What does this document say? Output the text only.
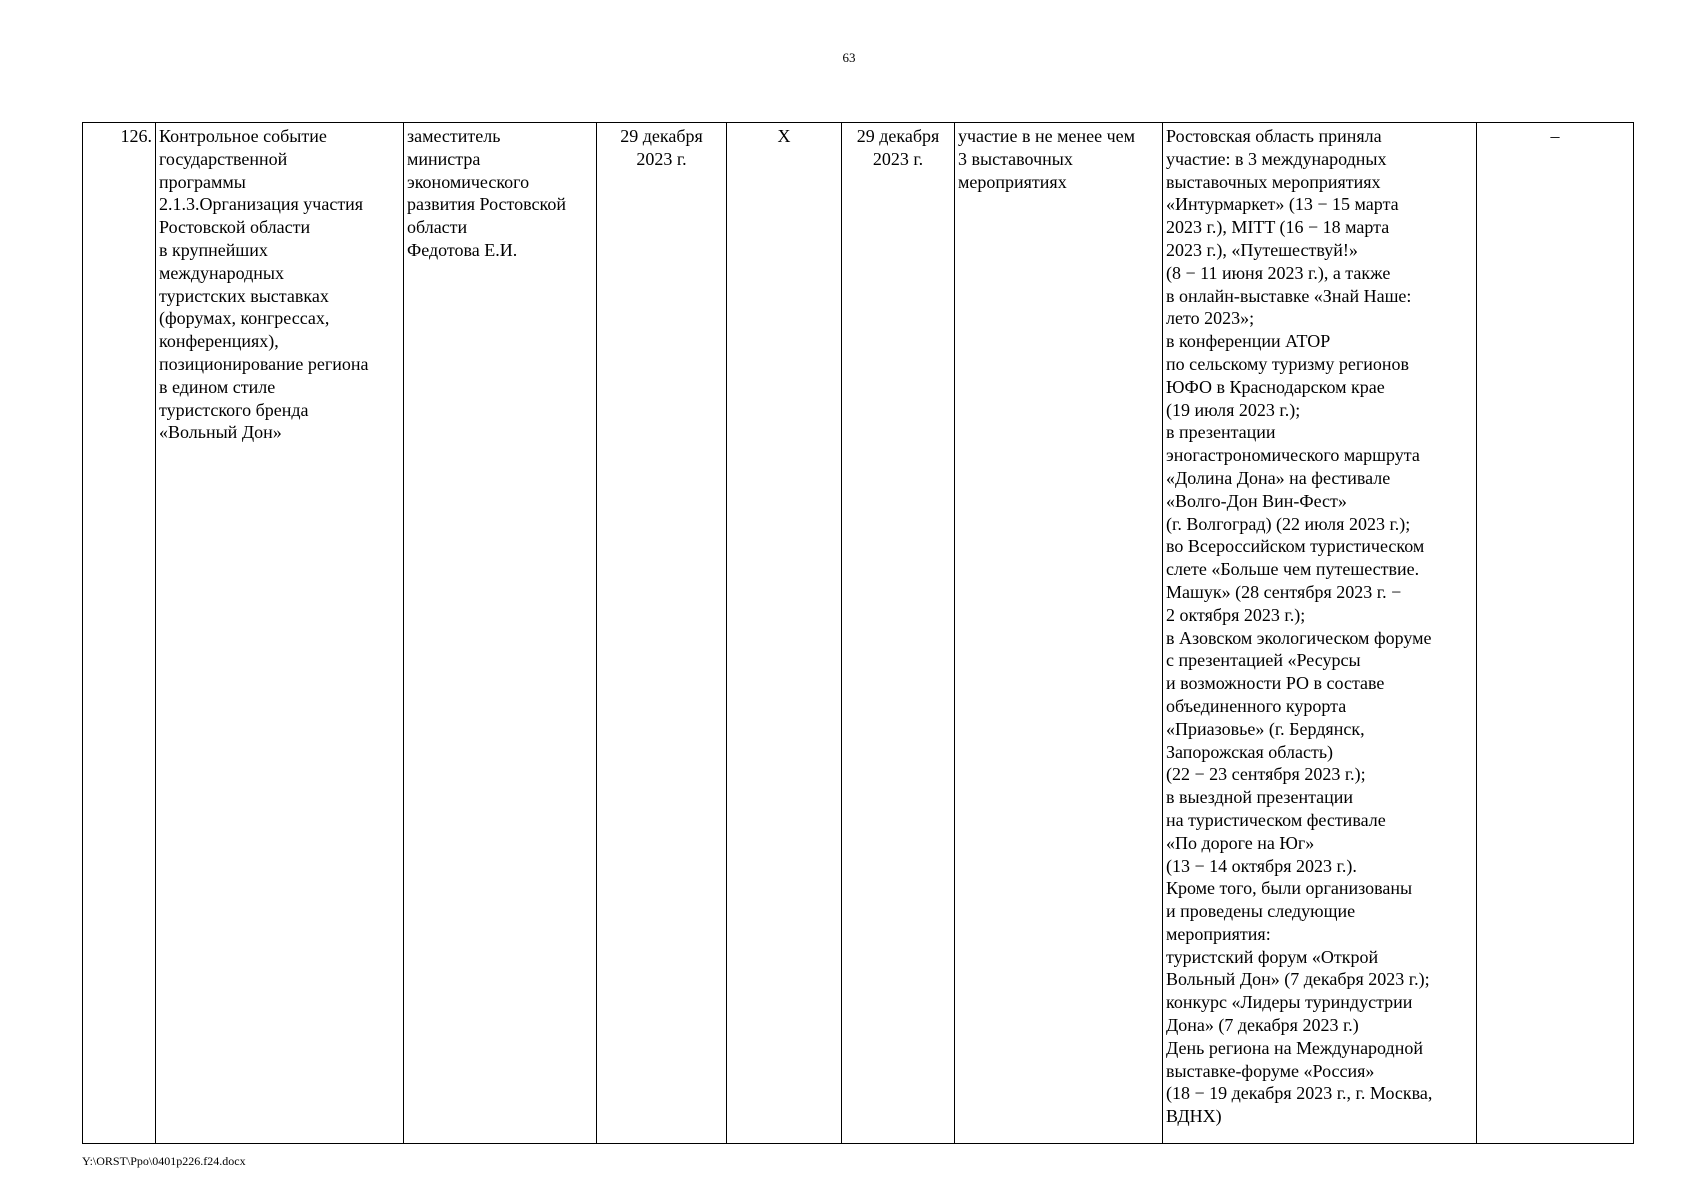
63
126.	Контрольное событие
государственной
программы
2.1.3.Организация участия
Ростовской области
в крупнейших
международных
туристских выставках
(форумах, конгрессах,
конференциях),
позиционирование региона
в едином стиле
туристского бренда
«Вольный Дон»	заместитель
министра
экономического
развития Ростовской
области
Федотова Е.И.	29 декабря
2023 г.	Х	29 декабря
2023 г.	участие в не менее чем
3 выставочных
мероприятиях	Ростовская область приняла
участие: в 3 международных
выставочных мероприятиях
«Интурмаркет» (13 − 15 марта
2023 г.), MITT (16 − 18 марта
2023 г.), «Путешествуй!»
(8 − 11 июня 2023 г.), а также
в онлайн-выставке «Знай Наше:
лето 2023»;
в конференции АТОР
по сельскому туризму регионов
ЮФО в Краснодарском крае
(19 июля 2023 г.);
в презентации
эногастрономического маршрута
«Долина Дона» на фестивале
«Волго-Дон Вин-Фест»
(г. Волгоград) (22 июля 2023 г.);
во Всероссийском туристическом
слете «Больше чем путешествие.
Машук» (28 сентября 2023 г. −
2 октября 2023 г.);
в Азовском экологическом форуме
с презентацией «Ресурсы
и возможности РО в составе
объединенного курорта
«Приазовье» (г. Бердянск,
Запорожская область)
(22 − 23 сентября 2023 г.);
в выездной презентации
на туристическом фестивале
«По дороге на Юг»
(13 − 14 октября 2023 г.).
Кроме того, были организованы
и проведены следующие
мероприятия:
туристский форум «Открой
Вольный Дон» (7 декабря 2023 г.);
конкурс «Лидеры туриндустрии
Дона» (7 декабря 2023 г.)
День региона на Международной
выставке-форуме «Россия»
(18 − 19 декабря 2023 г., г. Москва,
ВДНХ)	–
Y:\ORST\Ppo\0401p226.f24.docx
